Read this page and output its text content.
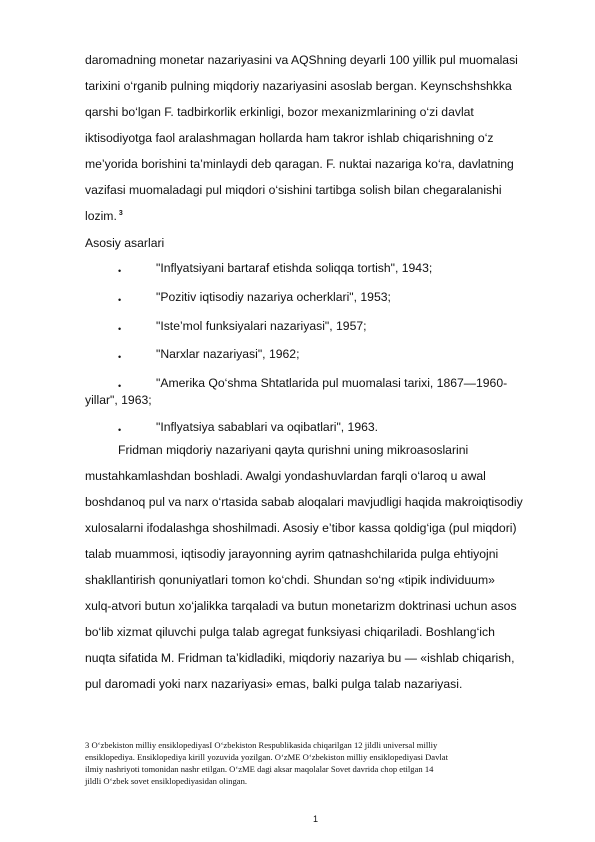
daromadning monetar nazariyasini va AQShning deyarli 100 yillik pul muomalasi
tarixini o‘rganib pulning miqdoriy nazariyasini asoslab bergan. Keynschshshkka
qarshi bo‘lgan F. tadbirkorlik erkinligi, bozor mexanizmlarining o‘zi davlat
iktisodiyotga faol aralashmagan hollarda ham takror ishlab chiqarishning o‘z
me’yorida borishini ta’minlaydi deb qaragan. F. nuktai nazariga ko‘ra, davlatning
vazifasi muomaladagi pul miqdori o‘sishini tartibga solish bilan chegaralanishi
lozim. $^3$
Asosiy asarlari
•	"Inflyatsiyani bartaraf etishda soliqqa tortish", 1943;
•	"Pozitiv iqtisodiy nazariya ocherklari", 1953;
•	"Iste’mol funksiyalari nazariyasi", 1957;
•	"Narxlar nazariyasi", 1962;
•	"Amerika Qo‘shma Shtatlarida pul muomalasi tarixi, 1867—1960-
yillar", 1963;
•	"Inflyatsiya sabablari va oqibatlari", 1963.
Fridman miqdoriy nazariyani qayta qurishni uning mikroasoslarini
mustahkamlashdan boshladi. Awalgi yondashuvlardan farqli o‘laroq u awal
boshdanoq pul va narx o‘rtasida sabab aloqalari mavjudligi haqida makroiqtisodiy
xulosalarni ifodalashga shoshilmadi. Asosiy e’tibor kassa qoldig‘iga (pul miqdori)
talab muammosi, iqtisodiy jarayonning ayrim qatnashchilarida pulga ehtiyojni
shakllantirish qonuniyatlari tomon ko‘chdi. Shundan so‘ng «tipik individuum»
xulq-atvori butun xo‘jalikka tarqaladi va butun monetarizm doktrinasi uchun asos
bo‘lib xizmat qiluvchi pulga talab agregat funksiyasi chiqariladi. Boshlang‘ich
nuqta sifatida M. Fridman ta’kidladiki, miqdoriy nazariya bu — «ishlab chiqarish,
pul daromadi yoki narx nazariyasi» emas, balki pulga talab nazariyasi.
3 O‘zbekiston milliy ensiklopediyasI O‘zbekiston Respublikasida chiqarilgan 12 jildli universal milliy
ensiklopediya. Ensiklopediya kirill yozuvida yozilgan. O‘zME O‘zbekiston milliy ensiklopediyasi Davlat
ilmiy nashriyoti tomonidan nashr etilgan. O‘zME dagi aksar maqolalar Sovet davrida chop etilgan 14
jildli O‘zbek sovet ensiklopediyasidan olingan.
1
